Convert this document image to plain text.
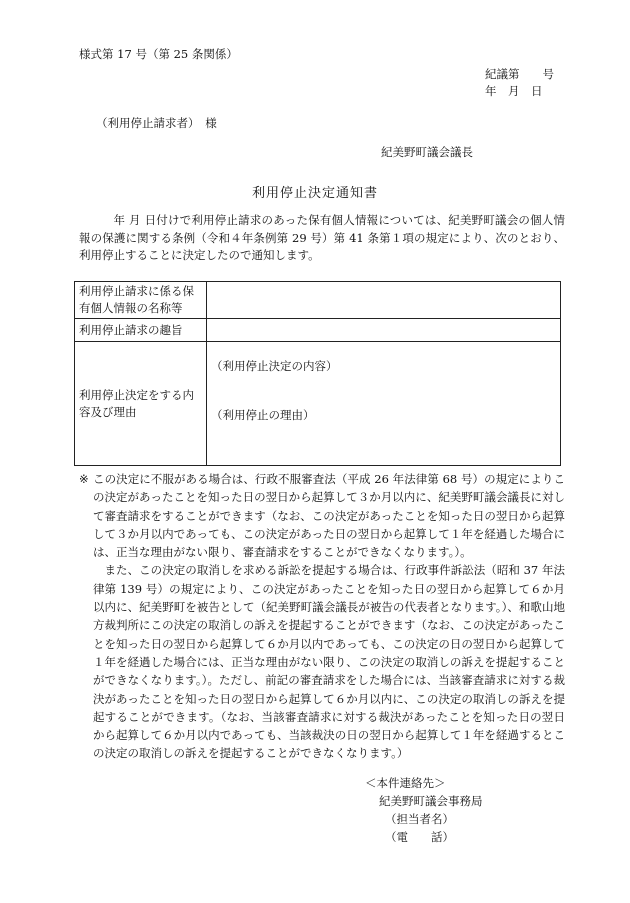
様式第 17 号（第 25 条関係）
紀議第　　号
年　月　日
（利用停止請求者）　様
紀美野町議会議長
利用停止決定通知書
年 月 日付けで利用停止請求のあった保有個人情報については、紀美野町議会の個人情報の保護に関する条例（令和４年条例第 29 号）第 41 条第１項の規定により、次のとおり、利用停止することに決定したので通知します。
利用停止請求に係る保有個人情報の名称等	
利用停止請求の趣旨	
利用停止決定をする内容及び理由	（利用停止決定の内容）
（利用停止の理由）
※ この決定に不服がある場合は、行政不服審査法（平成 26 年法律第 68 号）の規定によりこの決定があったことを知った日の翌日から起算して３か月以内に、紀美野町議会議長に対して審査請求をすることができます（なお、この決定があったことを知った日の翌日から起算して３か月以内であっても、この決定があった日の翌日から起算して１年を経過した場合には、正当な理由がない限り、審査請求をすることができなくなります。）。
また、この決定の取消しを求める訴訟を提起する場合は、行政事件訴訟法（昭和 37 年法律第 139 号）の規定により、この決定があったことを知った日の翌日から起算して６か月以内に、紀美野町を被告として（紀美野町議会議長が被告の代表者となります。）、和歌山地方裁判所にこの決定の取消しの訴えを提起することができます（なお、この決定があったことを知った日の翌日から起算して６か月以内であっても、この決定の日の翌日から起算して１年を経過した場合には、正当な理由がない限り、この決定の取消しの訴えを提起することができなくなります。）。ただし、前記の審査請求をした場合には、当該審査請求に対する裁決があったことを知った日の翌日から起算して６か月以内に、この決定の取消しの訴えを提起することができます。（なお、当該審査請求に対する裁決があったことを知った日の翌日から起算して６か月以内であっても、当該裁決の日の翌日から起算して１年を経過するとこの決定の取消しの訴えを提起することができなくなります。）
＜本件連絡先＞
紀美野町議会事務局
（担当者名）
（電　　話）
